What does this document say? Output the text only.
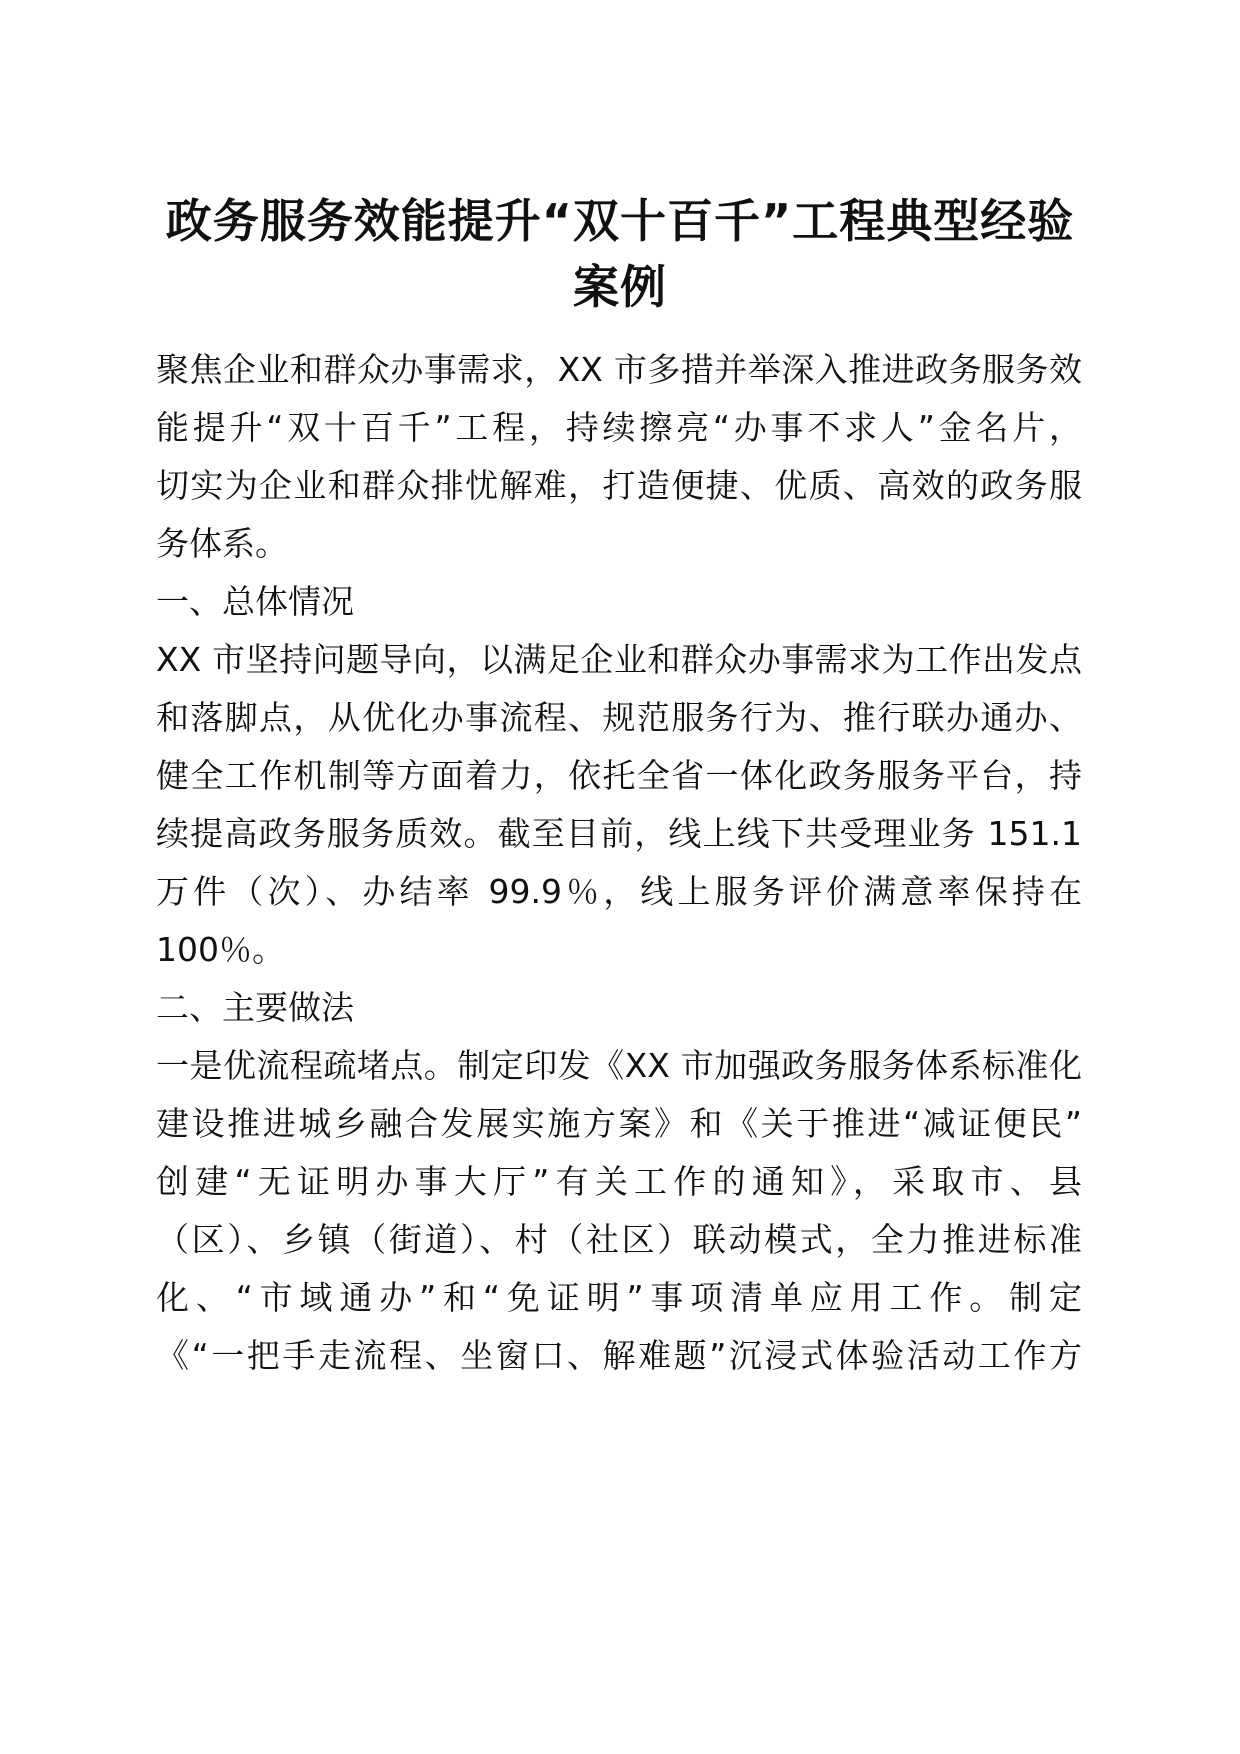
政务服务效能提升“双十百千”工程典型经验
案例

聚焦企业和群众办事需求，XX 市多措并举深入推进政务服务效

能提升“双十百千”工程，持续擦亮“办事不求人”金名片，

切实为企业和群众排忧解难，打造便捷、优质、高效的政务服

务体系。

一、总体情况

XX 市坚持问题导向，以满足企业和群众办事需求为工作出发点

和落脚点，从优化办事流程、规范服务行为、推行联办通办、

健全工作机制等方面着力，依托全省一体化政务服务平台，持

续提高政务服务质效。截至目前，线上线下共受理业务 151.1

万件（次）、办结率 99.9％，线上服务评价满意率保持在

100％。

二、主要做法

一是优流程疏堵点。制定印发《XX 市加强政务服务体系标准化

建设推进城乡融合发展实施方案》和《关于推进“减证便民”

创建“无证明办事大厅”有关工作的通知》，采取市、县

（区）、乡镇（街道）、村（社区）联动模式，全力推进标准

化、“市域通办”和“免证明”事项清单应用工作。制定

《“一把手走流程、坐窗口、解难题”沉浸式体验活动工作方
